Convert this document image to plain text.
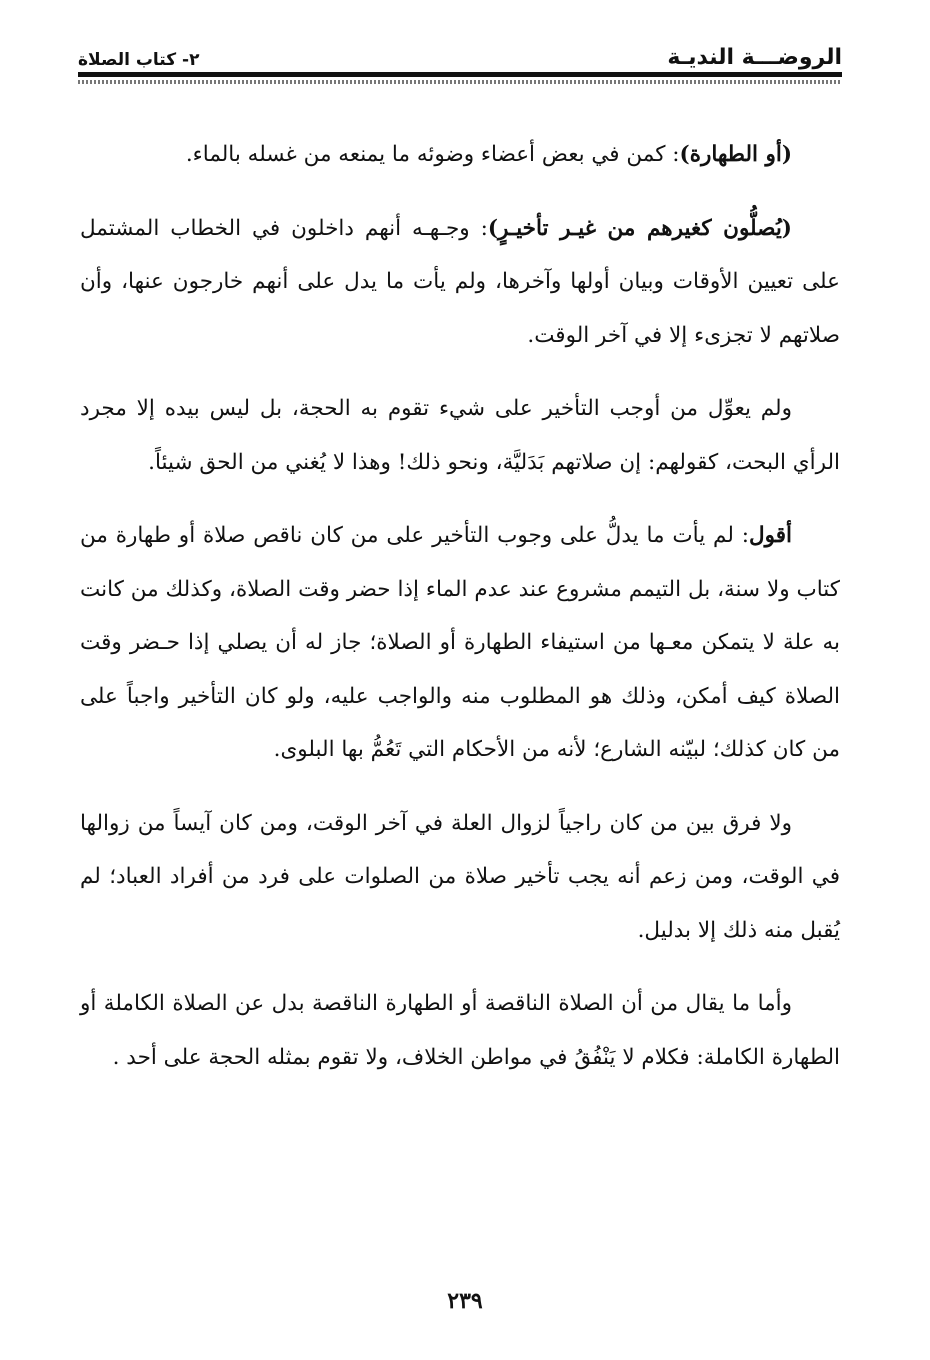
الروضـــة النديـة
٢- كتاب الصلاة

(أو الطهارة): كمن في بعض أعضاء وضوئه ما يمنعه من غسله بالماء.

(يُصلُّون كغيرهم من غيـر تأخيـرٍ): وجـهـه أنهم داخلون في الخطاب المشتمل على تعيين الأوقات وبيان أولها وآخرها، ولم يأت ما يدل على أنهم خارجون عنها، وأن صلاتهم لا تجزىء إلا في آخر الوقت.

ولم يعوِّل من أوجب التأخير على شيء تقوم به الحجة، بل ليس بيده إلا مجرد الرأي البحت، كقولهم: إن صلاتهم بَدَليَّة، ونحو ذلك! وهذا لا يُغني من الحق شيئاً.

أقول: لم يأت ما يدلُّ على وجوب التأخير على من كان ناقص صلاة أو طهارة من كتاب ولا سنة، بل التيمم مشروع عند عدم الماء إذا حضر وقت الصلاة، وكذلك من كانت به علة لا يتمكن معـها من استيفاء الطهارة أو الصلاة؛ جاز له أن يصلي إذا حـضر وقت الصلاة كيف أمكن، وذلك هو المطلوب منه والواجب عليه، ولو كان التأخير واجباً على من كان كذلك؛ لبيّنه الشارع؛ لأنه من الأحكام التي تَعُمُّ بها البلوى.

ولا فرق بين من كان راجياً لزوال العلة في آخر الوقت، ومن كان آيساً من زوالها في الوقت، ومن زعم أنه يجب تأخير صلاة من الصلوات على فرد من أفراد العباد؛ لم يُقبل منه ذلك إلا بدليل.

وأما ما يقال من أن الصلاة الناقصة أو الطهارة الناقصة بدل عن الصلاة الكاملة أو الطهارة الكاملة: فكلام لا يَنْفُقُ في مواطن الخلاف، ولا تقوم بمثله الحجة على أحد .

٢٣٩
